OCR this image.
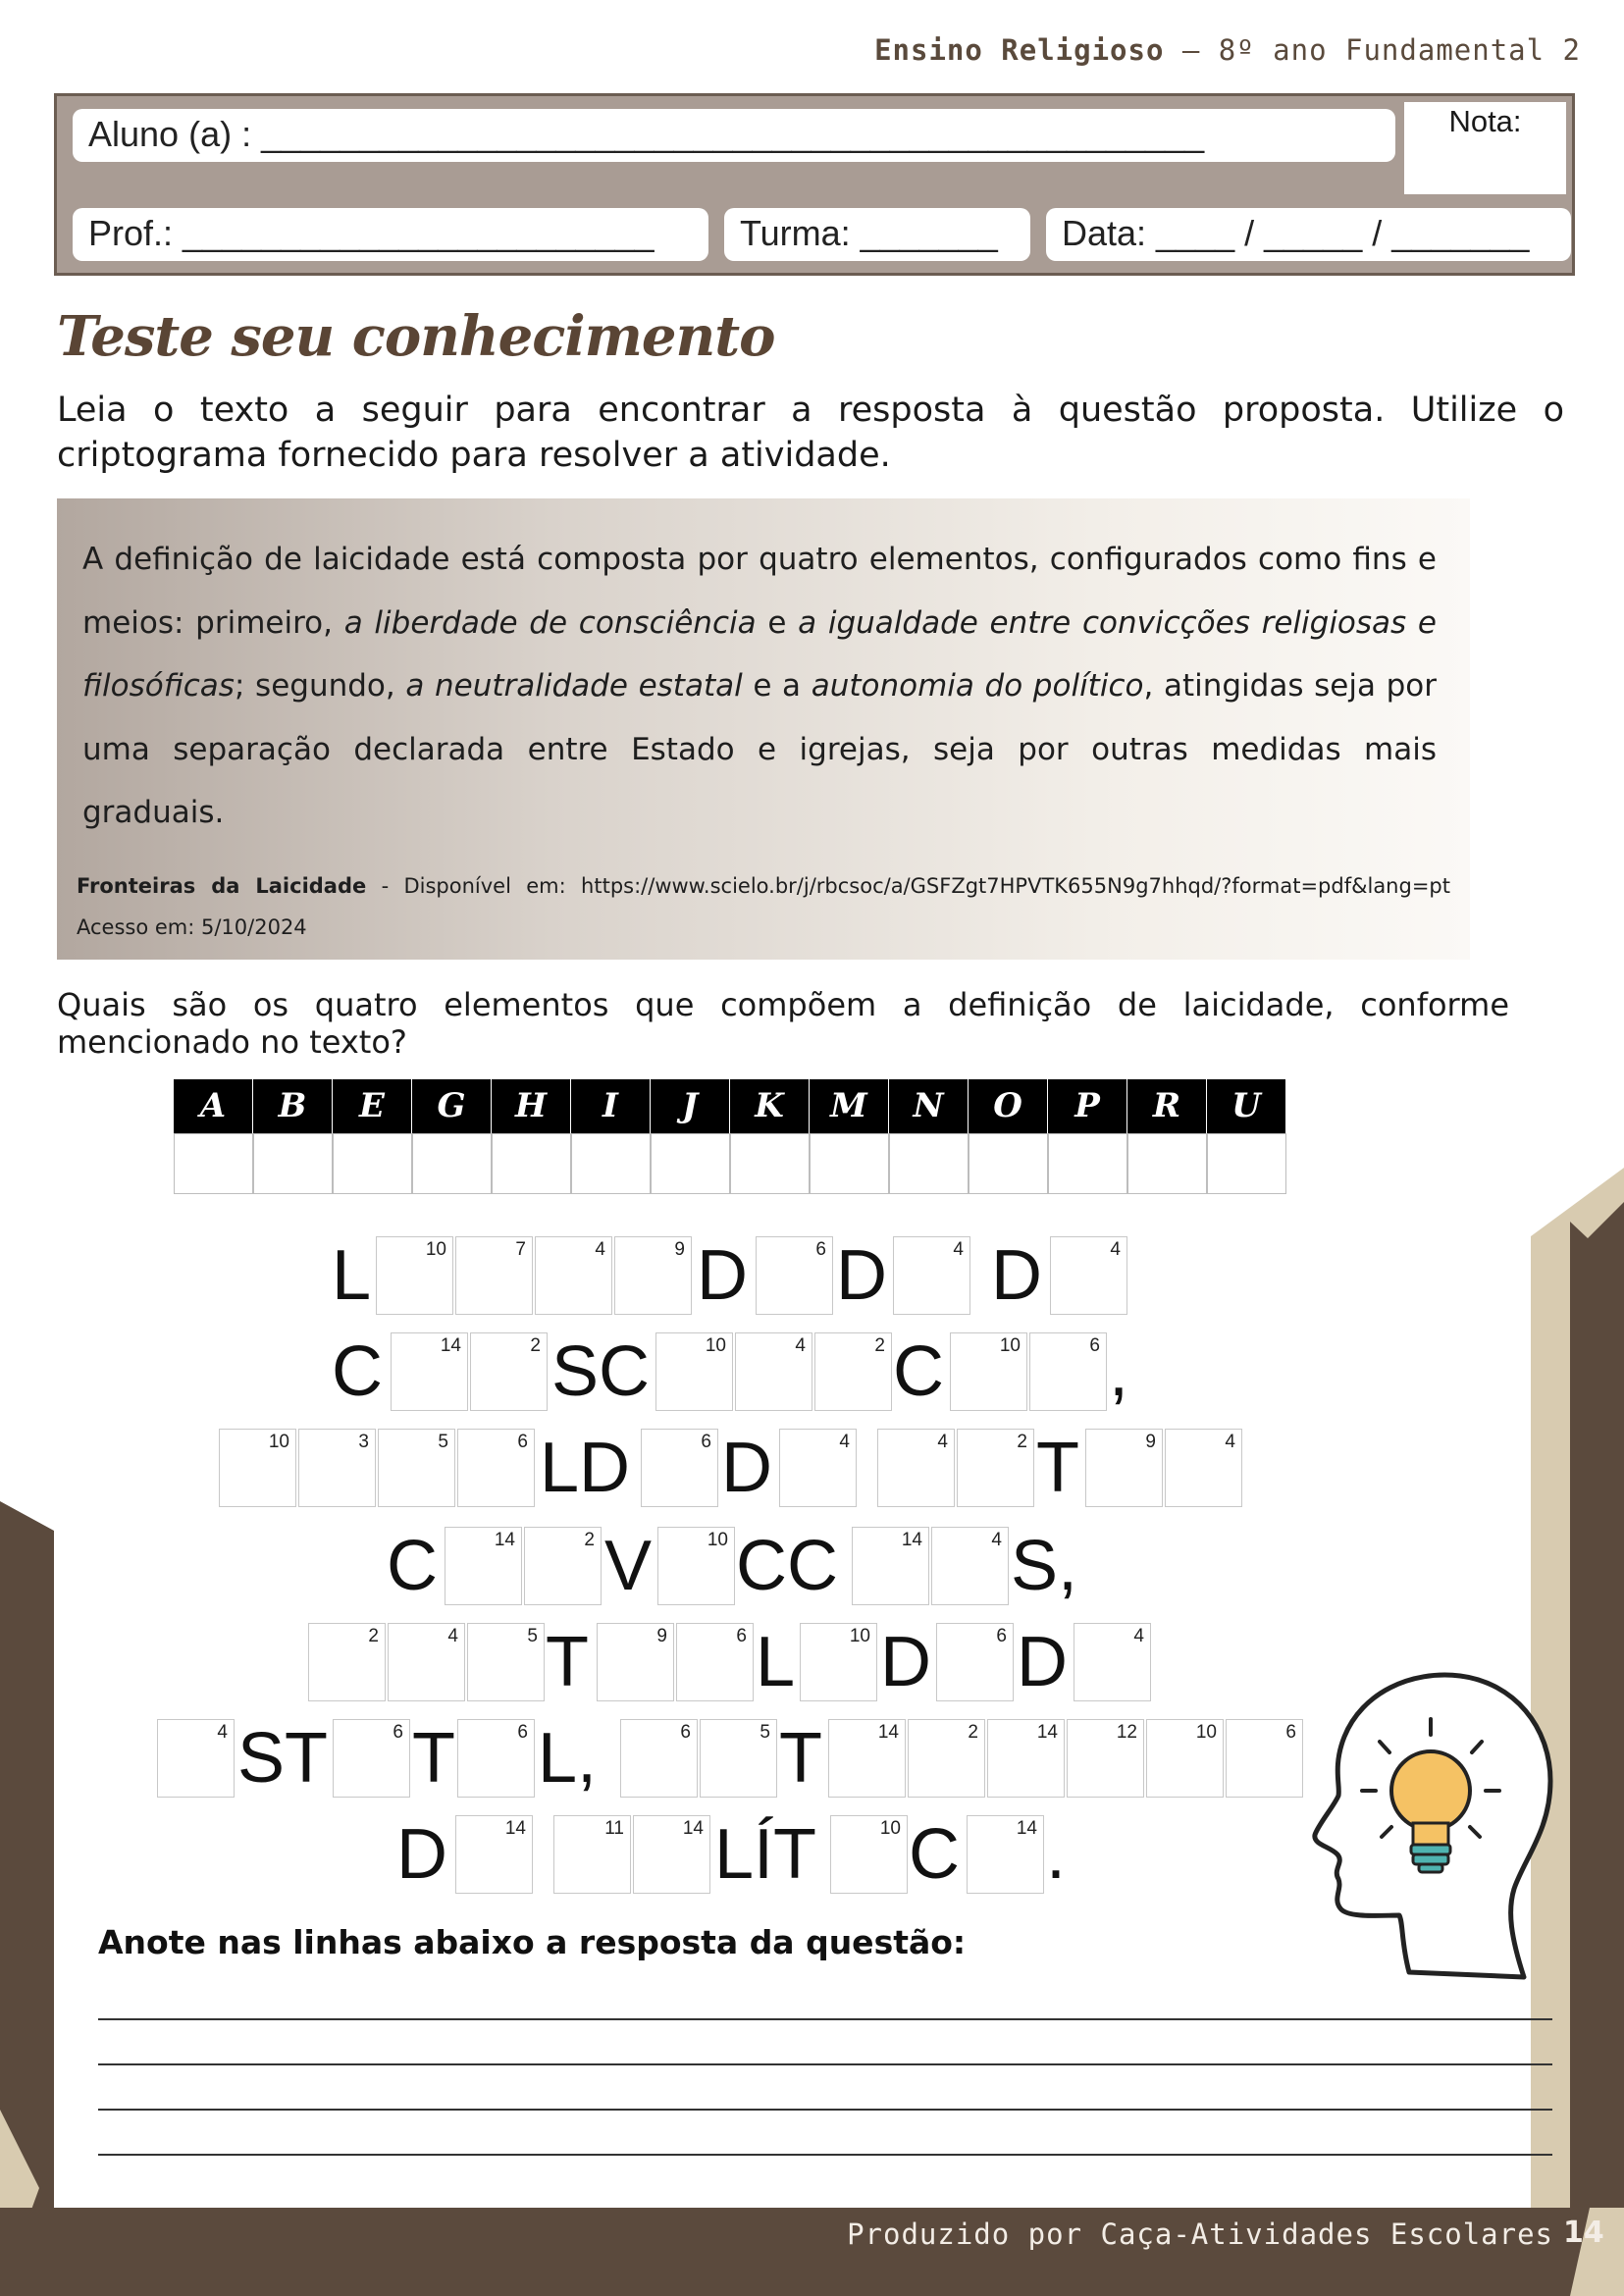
Ensino Religioso – 8º ano Fundamental 2
Aluno (a) : ________________________________________________	Nota:
Prof.: ________________________	Turma: _______	Data: ____ / _____ / _______
Teste seu conhecimento
Leia o texto a seguir para encontrar a resposta à questão proposta. Utilize o criptograma fornecido para resolver a atividade.
A definição de laicidade está composta por quatro elementos, configurados como fins e meios: primeiro, a liberdade de consciência e a igualdade entre convicções religiosas e filosóficas; segundo, a neutralidade estatal e a autonomia do político, atingidas seja por uma separação declarada entre Estado e igrejas, seja por outras medidas mais graduais.
Fronteiras da Laicidade - Disponível em: https://www.scielo.br/j/rbcsoc/a/GSFZgt7HPVTK655N9g7hhqd/?format=pdf&lang=pt Acesso em: 5/10/2024
Quais são os quatro elementos que compõem a definição de laicidade, conforme mencionado no texto?
A	B	E	G	H	I	J	K	M	N	O	P	R	U
L	10	7	4	9 D	6 D	4 D	4
C	14	2 SC	10	4	2 C	10	6 ,
10	3	5	6 LD	6 D	4	4	2 T	9	4
C	14	2 V	10 CC	14	4 S,
2	4	5 T	9	6 L	10 D	6 D	4
4 ST	6 T	6 L,	6	5 T	14	2	14	12	10	6
D	14	11	14 LÍT	10 C	14 .
Anote nas linhas abaixo a resposta da questão:
Produzido por Caça-Atividades Escolares 14
